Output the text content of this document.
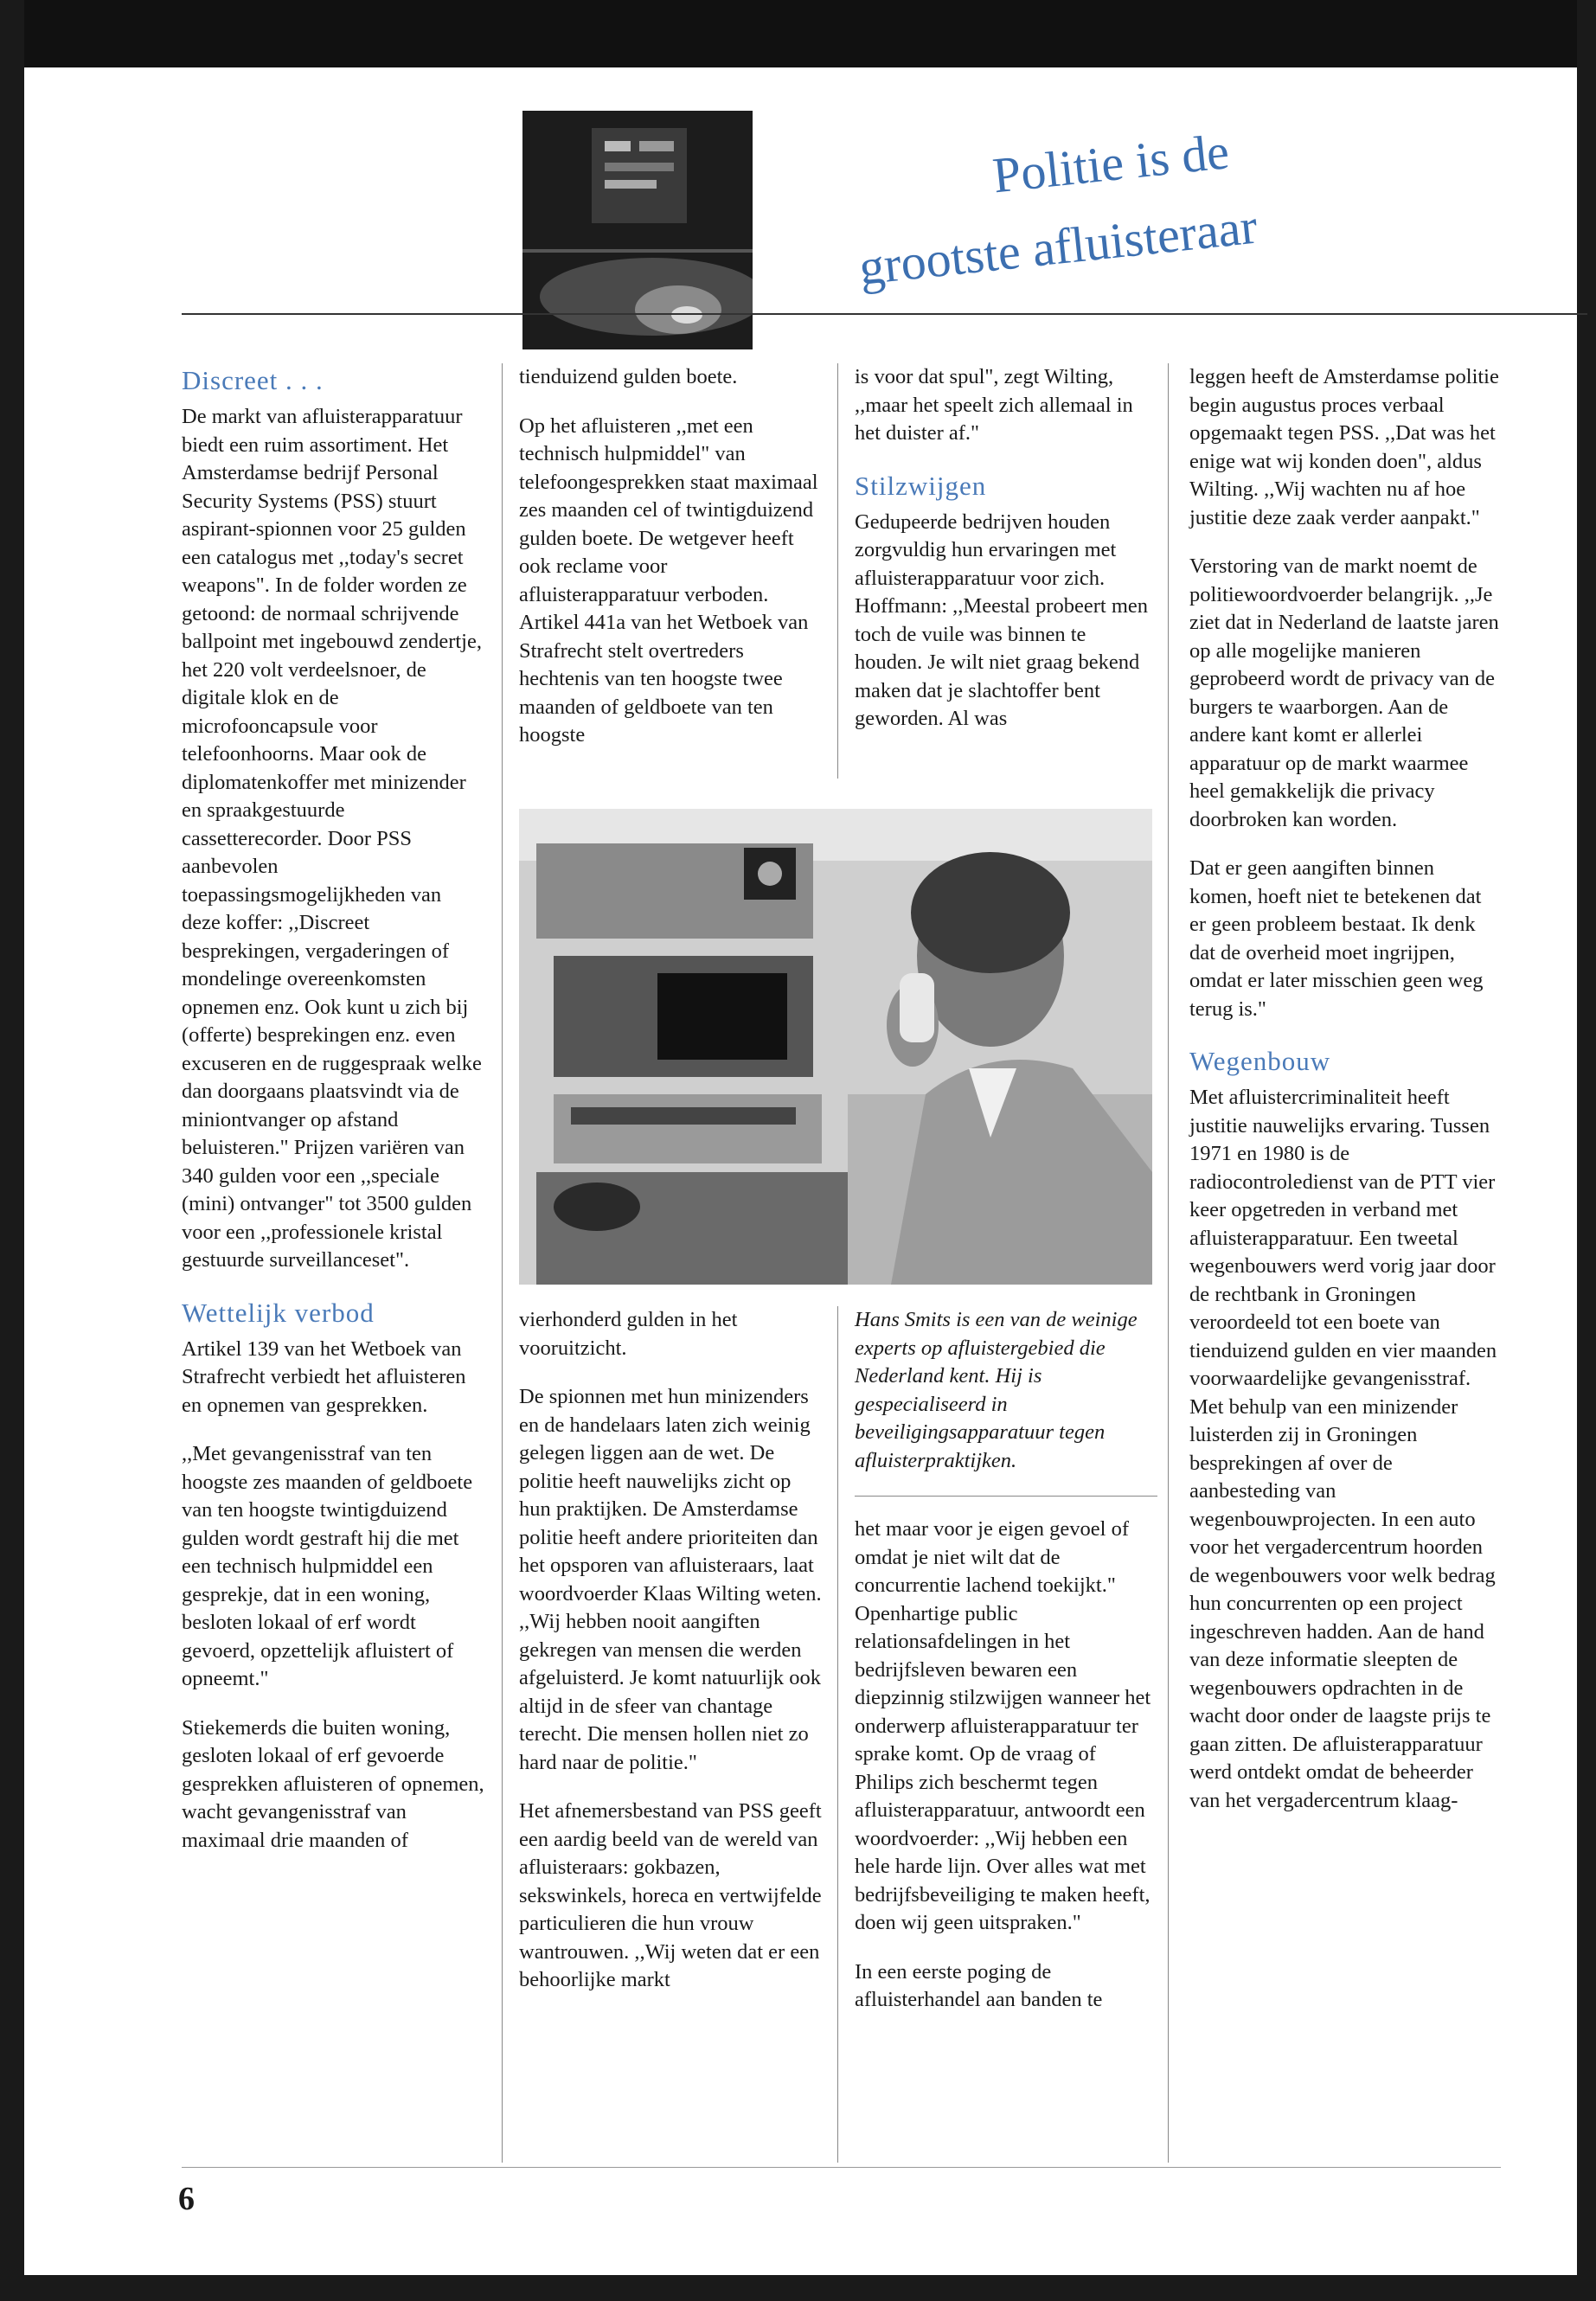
Politie is de
grootste afluisteraar
Discreet . . .

De markt van afluisterapparatuur biedt een ruim assortiment. Het Amsterdamse bedrijf Personal Security Systems (PSS) stuurt aspirant-spionnen voor 25 gulden een catalogus met ,,today's secret weapons". In de folder worden ze getoond: de normaal schrijvende ballpoint met ingebouwd zendertje, het 220 volt verdeelsnoer, de digitale klok en de microfooncapsule voor telefoonhoorns. Maar ook de diplomatenkoffer met minizender en spraakgestuurde cassetterecorder. Door PSS aanbevolen toepassingsmogelijkheden van deze koffer: ,,Discreet besprekingen, vergaderingen of mondelinge overeenkomsten opnemen enz. Ook kunt u zich bij (offerte) besprekingen enz. even excuseren en de ruggespraak welke dan doorgaans plaatsvindt via de miniontvanger op afstand beluisteren." Prijzen variëren van 340 gulden voor een ,,speciale (mini) ontvanger" tot 3500 gulden voor een ,,professionele kristal gestuurde surveillanceset".

Wettelijk verbod

Artikel 139 van het Wetboek van Strafrecht verbiedt het afluisteren en opnemen van gesprekken.

,,Met gevangenisstraf van ten hoogste zes maanden of geldboete van ten hoogste twintigduizend gulden wordt gestraft hij die met een technisch hulpmiddel een gesprekje, dat in een woning, besloten lokaal of erf wordt gevoerd, opzettelijk afluistert of opneemt."

Stiekemerds die buiten woning, gesloten lokaal of erf gevoerde gesprekken afluisteren of opnemen, wacht gevangenisstraf van maximaal drie maanden of

tienduizend gulden boete.

Op het afluisteren ,,met een technisch hulpmiddel" van telefoongesprekken staat maximaal zes maanden cel of twintigduizend gulden boete. De wetgever heeft ook reclame voor afluisterapparatuur verboden. Artikel 441a van het Wetboek van Strafrecht stelt overtreders hechtenis van ten hoogste twee maanden of geldboete van ten hoogste

is voor dat spul", zegt Wilting, ,,maar het speelt zich allemaal in het duister af."

Stilzwijgen

Gedupeerde bedrijven houden zorgvuldig hun ervaringen met afluisterapparatuur voor zich. Hoffmann: ,,Meestal probeert men toch de vuile was binnen te houden. Je wilt niet graag bekend maken dat je slachtoffer bent geworden. Al was

vierhonderd gulden in het vooruitzicht.

De spionnen met hun minizenders en de handelaars laten zich weinig gelegen liggen aan de wet. De politie heeft nauwelijks zicht op hun praktijken. De Amsterdamse politie heeft andere prioriteiten dan het opsporen van afluisteraars, laat woordvoerder Klaas Wilting weten. ,,Wij hebben nooit aangiften gekregen van mensen die werden afgeluisterd. Je komt natuurlijk ook altijd in de sfeer van chantage terecht. Die mensen hollen niet zo hard naar de politie."

Het afnemersbestand van PSS geeft een aardig beeld van de wereld van afluisteraars: gokbazen, sekswinkels, horeca en vertwijfelde particulieren die hun vrouw wantrouwen. ,,Wij weten dat er een behoorlijke markt

Hans Smits is een van de weinige experts op afluistergebied die Nederland kent. Hij is gespecialiseerd in beveiligingsapparatuur tegen afluisterpraktijken.

het maar voor je eigen gevoel of omdat je niet wilt dat de concurrentie lachend toekijkt."

Openhartige public relationsafdelingen in het bedrijfsleven bewaren een diepzinnig stilzwijgen wanneer het onderwerp afluisterapparatuur ter sprake komt. Op de vraag of Philips zich beschermt tegen afluisterapparatuur, antwoordt een woordvoerder: ,,Wij hebben een hele harde lijn. Over alles wat met bedrijfsbeveiliging te maken heeft, doen wij geen uitspraken."

In een eerste poging de afluisterhandel aan banden te

leggen heeft de Amsterdamse politie begin augustus proces verbaal opgemaakt tegen PSS. ,,Dat was het enige wat wij konden doen", aldus Wilting. ,,Wij wachten nu af hoe justitie deze zaak verder aanpakt."

Verstoring van de markt noemt de politiewoordvoerder belangrijk. ,,Je ziet dat in Nederland de laatste jaren op alle mogelijke manieren geprobeerd wordt de privacy van de burgers te waarborgen. Aan de andere kant komt er allerlei apparatuur op de markt waarmee heel gemakkelijk die privacy doorbroken kan worden.

Dat er geen aangiften binnen komen, hoeft niet te betekenen dat er geen probleem bestaat. Ik denk dat de overheid moet ingrijpen, omdat er later misschien geen weg terug is."

Wegenbouw

Met afluistercriminaliteit heeft justitie nauwelijks ervaring. Tussen 1971 en 1980 is de radiocontroledienst van de PTT vier keer opgetreden in verband met afluisterapparatuur. Een tweetal wegenbouwers werd vorig jaar door de rechtbank in Groningen veroordeeld tot een boete van tienduizend gulden en vier maanden voorwaardelijke gevangenisstraf. Met behulp van een minizender luisterden zij in Groningen besprekingen af over de aanbesteding van wegenbouwprojecten. In een auto voor het vergadercentrum hoorden de wegenbouwers voor welk bedrag hun concurrenten op een project ingeschreven hadden. Aan de hand van deze informatie sleepten de wegenbouwers opdrachten in de wacht door onder de laagste prijs te gaan zitten. De afluisterapparatuur werd ontdekt omdat de beheerder van het vergadercentrum klaag-

6
